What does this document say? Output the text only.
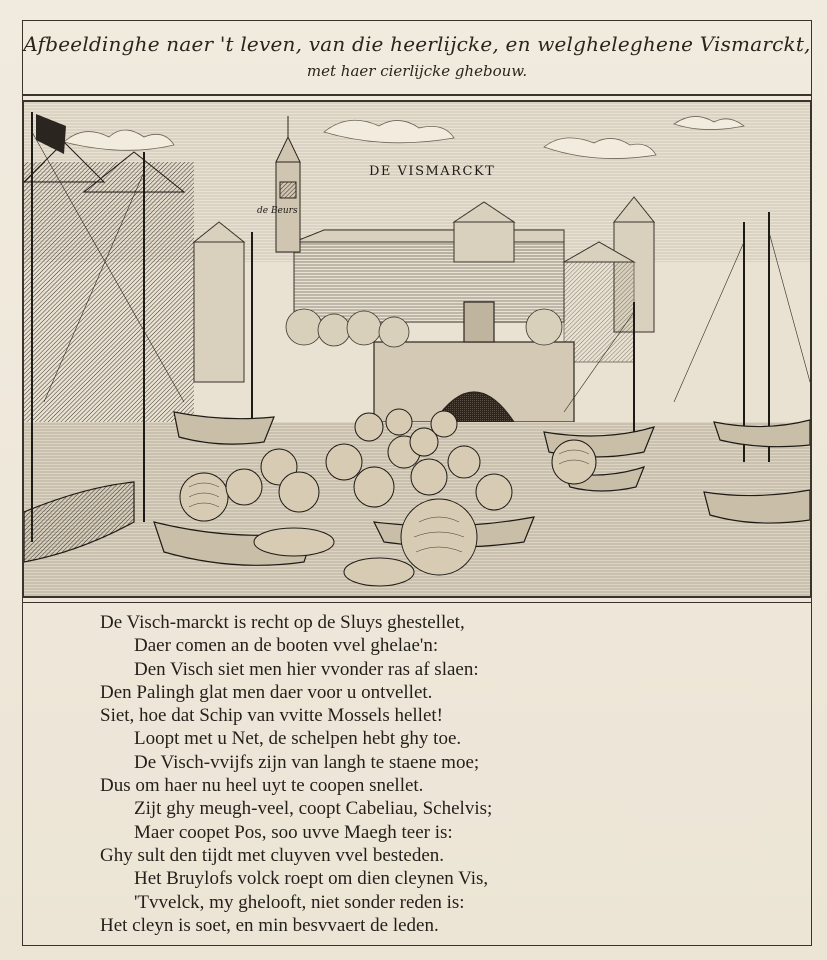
Afbeeldinghe naer 't leven, van die heerlijcke, en welgheleghene Vismarckt,
met haer cierlijcke ghebouw.
DE VISMARCKT
de Beurs
De Visch-marckt is recht op de Sluys ghestellet,
Daer comen an de booten vvel ghelae'n:
Den Visch siet men hier vvonder ras af slaen:
Den Palingh glat men daer voor u ontvellet.
Siet, hoe dat Schip van vvitte Mossels hellet!
Loopt met u Net, de schelpen hebt ghy toe.
De Visch-vvijfs zijn van langh te staene moe;
Dus om haer nu heel uyt te coopen snellet.
Zijt ghy meugh-veel, coopt Cabeliau, Schelvis;
Maer coopet Pos, soo uvve Maegh teer is:
Ghy sult den tijdt met cluyven vvel besteden.
Het Bruylofs volck roept om dien cleynen Vis,
'Tvvelck, my ghelooft, niet sonder reden is:
Het cleyn is soet, en min besvvaert de leden.
